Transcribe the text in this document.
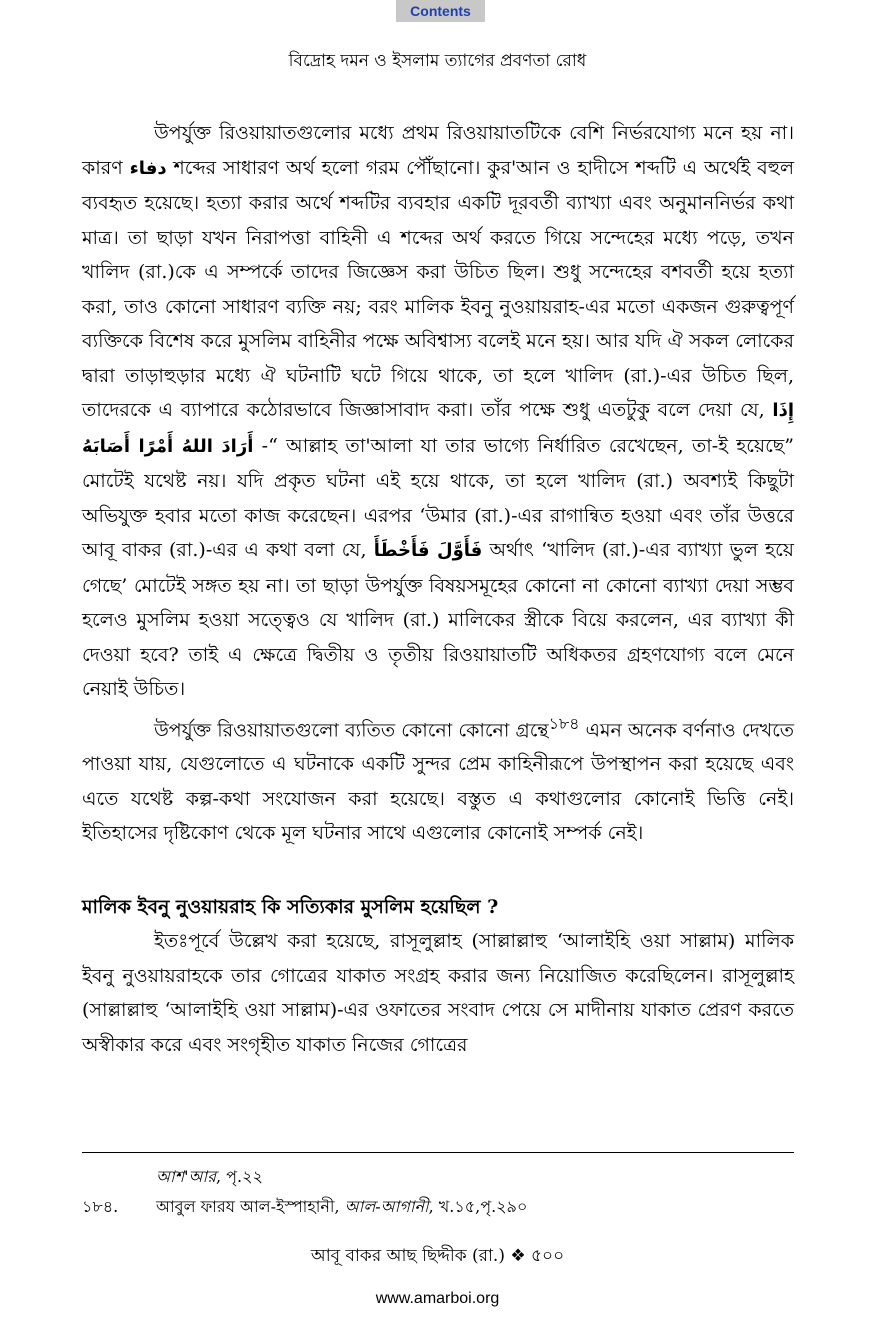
Contents
বিদ্রোহ দমন ও ইসলাম ত্যাগের প্রবণতা রোধ

উপর্যুক্ত রিওয়ায়াতগুলোর মধ্যে প্রথম রিওয়ায়াতটিকে বেশি নির্ভরযোগ্য মনে হয় না। কারণ دفاء শব্দের সাধারণ অর্থ হলো গরম পৌঁছানো। কুর'আন ও হাদীসে শব্দটি এ অর্থেই বহুল ব্যবহৃত হয়েছে। হত্যা করার অর্থে শব্দটির ব্যবহার একটি দূরবর্তী ব্যাখ্যা এবং অনুমাননির্ভর কথা মাত্র। তা ছাড়া যখন নিরাপত্তা বাহিনী এ শব্দের অর্থ করতে গিয়ে সন্দেহের মধ্যে পড়ে, তখন খালিদ (রা.)কে এ সম্পর্কে তাদের জিজ্ঞেস করা উচিত ছিল। শুধু সন্দেহের বশবর্তী হয়ে হত্যা করা, তাও কোনো সাধারণ ব্যক্তি নয়; বরং মালিক ইবনু নুওয়ায়রাহ-এর মতো একজন গুরুত্বপূর্ণ ব্যক্তিকে বিশেষ করে মুসলিম বাহিনীর পক্ষে অবিশ্বাস্য বলেই মনে হয়। আর যদি ঐ সকল লোকের দ্বারা তাড়াহুড়ার মধ্যে ঐ ঘটনাটি ঘটে গিয়ে থাকে, তা হলে খালিদ (রা.)-এর উচিত ছিল, তাদেরকে এ ব্যাপারে কঠোরভাবে জিজ্ঞাসাবাদ করা। তাঁর পক্ষে শুধু এতটুকু বলে দেয়া যে, إِذَا أَرَادَ اللهُ أَمْرًا أَصَابَهُ -“ আল্লাহ তা'আলা যা তার ভাগ্যে নির্ধারিত রেখেছেন, তা-ই হয়েছে” মোটেই যথেষ্ট নয়। যদি প্রকৃত ঘটনা এই হয়ে থাকে, তা হলে খালিদ (রা.) অবশ্যই কিছুটা অভিযুক্ত হবার মতো কাজ করেছেন। এরপর ‘উমার (রা.)-এর রাগান্বিত হওয়া এবং তাঁর উত্তরে আবূ বাকর (রা.)-এর এ কথা বলা যে, فَأَوَّلَ فَأَخْطَأَ অর্থাৎ ‘খালিদ (রা.)-এর ব্যাখ্যা ভুল হয়ে গেছে’ মোটেই সঙ্গত হয় না। তা ছাড়া উপর্যুক্ত বিষয়সমূহের কোনো না কোনো ব্যাখ্যা দেয়া সম্ভব হলেও মুসলিম হওয়া সত্ত্বেও যে খালিদ (রা.) মালিকের স্ত্রীকে বিয়ে করলেন, এর ব্যাখ্যা কী দেওয়া হবে? তাই এ ক্ষেত্রে দ্বিতীয় ও তৃতীয় রিওয়ায়াতটি অধিকতর গ্রহণযোগ্য বলে মেনে নেয়াই উচিত।

উপর্যুক্ত রিওয়ায়াতগুলো ব্যতিত কোনো কোনো গ্রন্থে$^{১৮৪}$ এমন অনেক বর্ণনাও দেখতে পাওয়া যায়, যেগুলোতে এ ঘটনাকে একটি সুন্দর প্রেম কাহিনীরূপে উপস্থাপন করা হয়েছে এবং এতে যথেষ্ট কল্প-কথা সংযোজন করা হয়েছে। বস্তুত এ কথাগুলোর কোনোই ভিত্তি নেই। ইতিহাসের দৃষ্টিকোণ থেকে মূল ঘটনার সাথে এগুলোর কোনোই সম্পর্ক নেই।

মালিক ইবনু নুওয়ায়রাহ কি সত্যিকার মুসলিম হয়েছিল ?

ইতঃপূর্বে উল্লেখ করা হয়েছে, রাসূলুল্লাহ (সাল্লাল্লাহু ‘আলাইহি ওয়া সাল্লাম) মালিক ইবনু নুওয়ায়রাহকে তার গোত্রের যাকাত সংগ্রহ করার জন্য নিয়োজিত করেছিলেন। রাসূলুল্লাহ (সাল্লাল্লাহু ‘আলাইহি ওয়া সাল্লাম)-এর ওফাতের সংবাদ পেয়ে সে মাদীনায় যাকাত প্রেরণ করতে অস্বীকার করে এবং সংগৃহীত যাকাত নিজের গোত্রের

আশ'আর, পৃ.২২
১৮৪.	আবুল ফারয আল-ইস্পাহানী, আল-আগানী, খ.১৫,পৃ.২৯০
আবূ বাকর আছ ছিদ্দীক (রা.) ❖ ৫০০
www.amarboi.org
